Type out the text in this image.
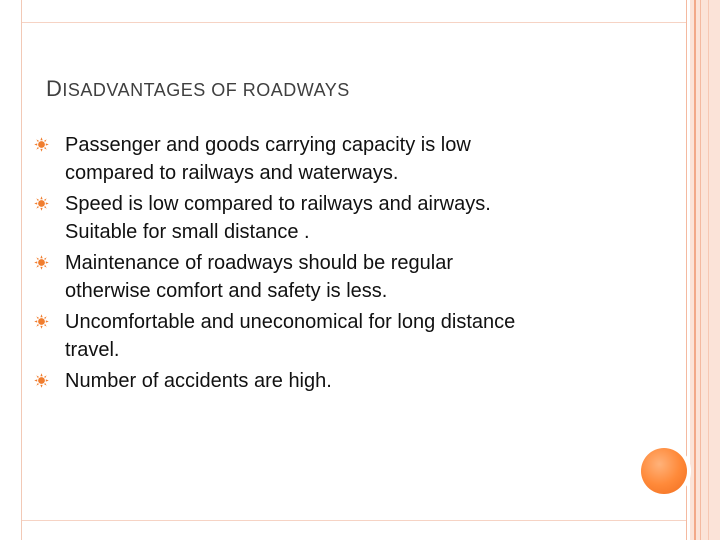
DISADVANTAGES OF ROADWAYS
Passenger and goods carrying capacity is low
compared to railways and waterways.
Speed is low compared to railways and airways.
Suitable for small distance .
Maintenance of roadways should be regular
otherwise comfort and safety is less.
Uncomfortable and uneconomical for long distance
travel.
Number of accidents are high.
